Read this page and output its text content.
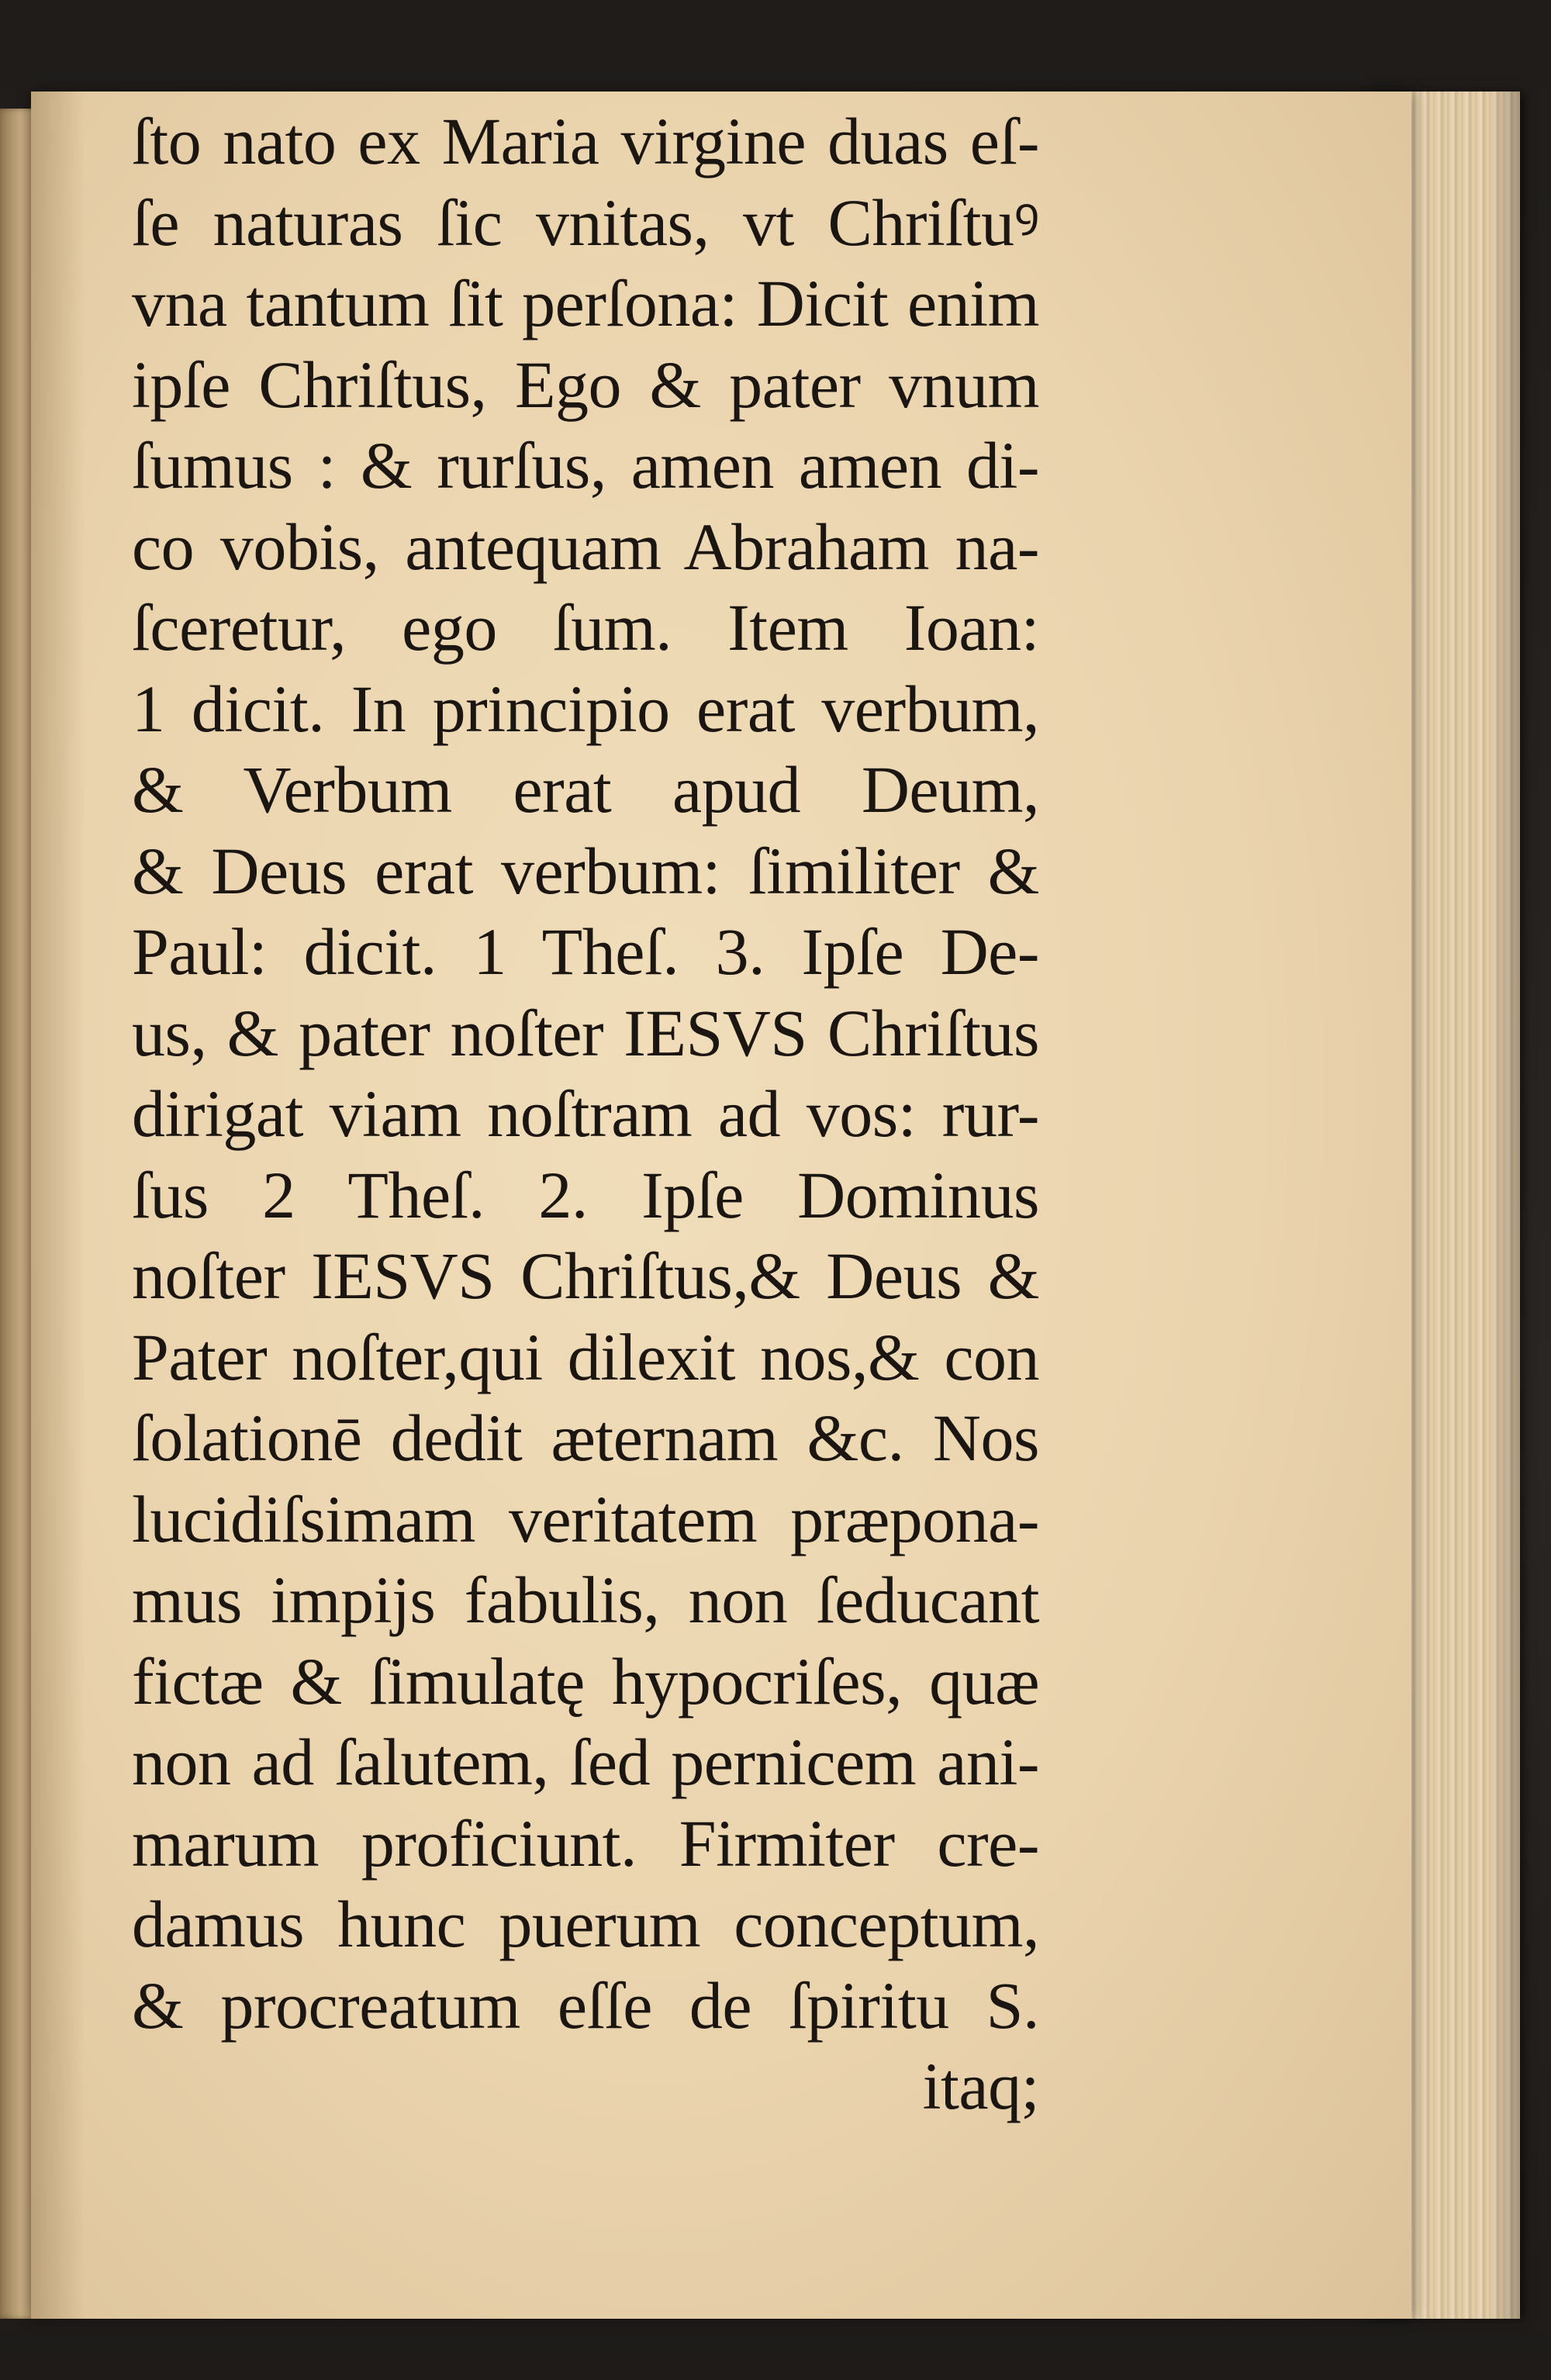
ſto nato ex Maria virgine duas eſ-
ſe naturas ſic vnitas, vt Chriſtuꝰ
vna tantum ſit perſona: Dicit enim
ipſe Chriſtus, Ego & pater vnum
ſumus : & rurſus, amen amen di-
co vobis, antequam Abraham na-
ſceretur, ego ſum. Item Ioan:
1 dicit. In principio erat verbum,
& Verbum erat apud Deum,
& Deus erat verbum: ſimiliter &
Paul: dicit. 1 Theſ. 3. Ipſe De-
us, & pater noſter IESVS Chriſtus
dirigat viam noſtram ad vos: rur-
ſus 2 Theſ. 2. Ipſe Dominus
noſter IESVS Chriſtus,& Deus &
Pater noſter,qui dilexit nos,& con
ſolationē dedit æternam &c. Nos
lucidiſsimam veritatem præpona-
mus impijs fabulis, non ſeducant
fictæ & ſimulatę hypocriſes, quæ
non ad ſalutem, ſed pernicem ani-
marum proficiunt. Firmiter cre-
damus hunc puerum conceptum,
& procreatum eſſe de ſpiritu S.
itaq;
